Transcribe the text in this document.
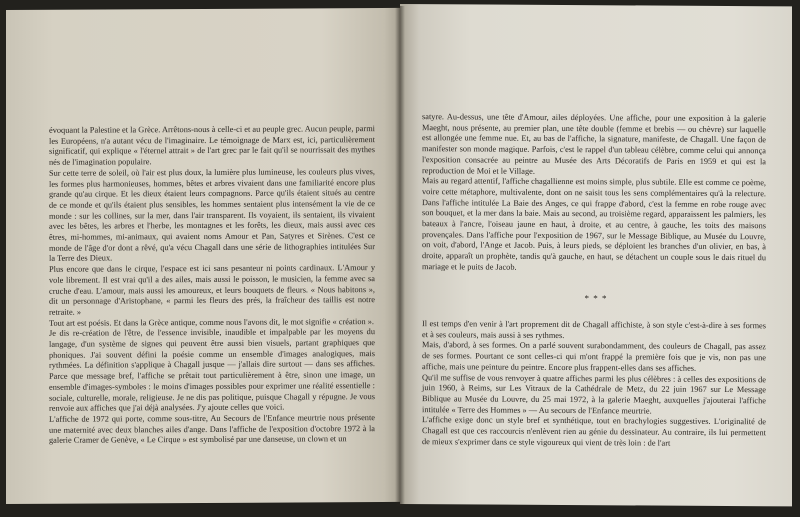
évoquant la Palestine et la Grèce. Arrêtons-nous à celle-ci et au peuple grec. Aucun peuple, parmi les Européens, n'a autant vécu de l'imaginaire. Le témoignage de Marx est, ici, particulièrement significatif, qui explique « l'éternel attrait » de l'art grec par le fait qu'il se nourrissait des mythes nés de l'imagination populaire.

Sur cette terre de soleil, où l'air est plus doux, la lumière plus lumineuse, les couleurs plus vives, les formes plus harmonieuses, hommes, bêtes et arbres vivaient dans une familiarité encore plus grande qu'au cirque. Et les dieux étaient leurs compagnons. Parce qu'ils étaient situés au centre de ce monde et qu'ils étaient plus sensibles, les hommes sentaient plus intensément la vie de ce monde : sur les collines, sur la mer, dans l'air transparent. Ils voyaient, ils sentaient, ils vivaient avec les bêtes, les arbres et l'herbe, les montagnes et les forêts, les dieux, mais aussi avec ces êtres, mi-hommes, mi-animaux, qui avaient noms Amour et Pan, Satyres et Sirènes. C'est ce monde de l'âge d'or dont a rêvé, qu'a vécu Chagall dans une série de lithographies intitulées Sur la Terre des Dieux.

Plus encore que dans le cirque, l'espace est ici sans pesanteur ni points cardinaux. L'Amour y vole librement. Il est vrai qu'il a des ailes, mais aussi le poisson, le musicien, la femme avec sa cruche d'eau. L'amour, mais aussi les amoureux, et leurs bouquets de fleurs. « Nous habitons », dit un personnage d'Aristophane, « parmi les fleurs des prés, la fraîcheur des taillis est notre retraite. »

Tout art est poésis. Et dans la Grèce antique, comme nous l'avons dit, le mot signifie « création ».

Je dis re-création de l'être, de l'essence invisible, inaudible et impalpable par les moyens du langage, d'un système de signes qui peuvent être aussi bien visuels, partant graphiques que phoniques. J'ai souvent défini la poésie comme un ensemble d'images analogiques, mais rythmées. La définition s'applique à Chagall jusque — j'allais dire surtout — dans ses affiches. Parce que message bref, l'affiche se prêtait tout particulièrement à être, sinon une image, un ensemble d'images-symboles : le moins d'images possibles pour exprimer une réalité essentielle : sociale, culturelle, morale, religieuse. Je ne dis pas politique, puisque Chagall y répugne. Je vous renvoie aux affiches que j'ai déjà analysées. J'y ajoute celles que voici.

L'affiche de 1972 qui porte, comme sous-titre, Au Secours de l'Enfance meurtrie nous présente une maternité avec deux blanches ailes d'ange. Dans l'affiche de l'exposition d'octobre 1972 à la galerie Cramer de Genève, « Le Cirque » est symbolisé par une danseuse, un clown et un

satyre. Au-dessus, une tête d'Amour, ailes déployées. Une affiche, pour une exposition à la galerie Maeght, nous présente, au premier plan, une tête double (femme et brebis — ou chèvre) sur laquelle est allongée une femme nue. Et, au bas de l'affiche, la signature, manifeste, de Chagall. Une façon de manifester son monde magique. Parfois, c'est le rappel d'un tableau célèbre, comme celui qui annonça l'exposition consacrée au peintre au Musée des Arts Décoratifs de Paris en 1959 et qui est la reproduction de Moi et le Village.

Mais au regard attentif, l'affiche chagallienne est moins simple, plus subtile. Elle est comme ce poème, voire cette métaphore, multivalente, dont on ne saisit tous les sens complémentaires qu'à la relecture. Dans l'affiche intitulée La Baie des Anges, ce qui frappe d'abord, c'est la femme en robe rouge avec son bouquet, et la mer dans la baie. Mais au second, au troisième regard, apparaissent les palmiers, les bateaux à l'ancre, l'oiseau jaune en haut, à droite, et au centre, à gauche, les toits des maisons provençales. Dans l'affiche pour l'exposition de 1967, sur le Message Biblique, au Musée du Louvre, on voit, d'abord, l'Ange et Jacob. Puis, à leurs pieds, se déploient les branches d'un olivier, en bas, à droite, apparaît un prophète, tandis qu'à gauche, en haut, se détachent un couple sous le dais rituel du mariage et le puits de Jacob.

* * *

Il est temps d'en venir à l'art proprement dit de Chagall affichiste, à son style c'est-à-dire à ses formes et à ses couleurs, mais aussi à ses rythmes.

Mais, d'abord, à ses formes. On a parlé souvent surabondamment, des couleurs de Chagall, pas assez de ses formes. Pourtant ce sont celles-ci qui m'ont frappé la première fois que je vis, non pas une affiche, mais une peinture du peintre. Encore plus frappent-elles dans ses affiches.

Qu'il me suffise de vous renvoyer à quatre affiches parmi les plus célèbres : à celles des expositions de juin 1960, à Reims, sur Les Vitraux de la Cathédrale de Metz, du 22 juin 1967 sur Le Message Biblique au Musée du Louvre, du 25 mai 1972, à la galerie Maeght, auxquelles j'ajouterai l'affiche intitulée « Terre des Hommes » — Au secours de l'Enfance meurtrie.

L'affiche exige donc un style bref et synthétique, tout en brachylogies suggestives. L'originalité de Chagall est que ces raccourcis n'enlèvent rien au génie du dessinateur. Au contraire, ils lui permettent de mieux s'exprimer dans ce style vigoureux qui vient de très loin : de l'art
